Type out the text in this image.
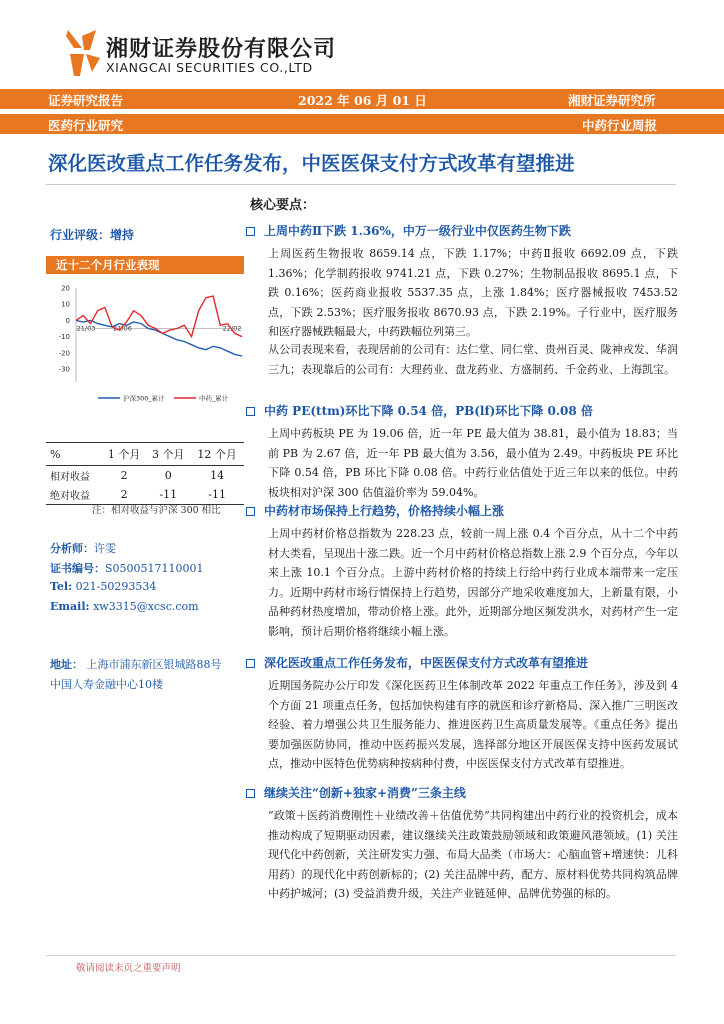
湘财证券股份有限公司
XIANGCAI SECURITIES CO.,LTD
证券研究报告	2022 年 06 月 01 日	湘财证券研究所
医药行业研究	中药行业周报
深化医改重点工作任务发布，中医医保支付方式改革有望推进
行业评级：增持
近十二个月行业表现
20
10
0
-10
-20
-30
21/03	21/06	22/02
沪深300_累计	中药_累计
%	1 个月	3 个月	12 个月
相对收益	2	0	14
绝对收益	2	-11	-11
注：相对收益与沪深 300 相比
分析师：许雯
证书编号：S0500517110001
Tel: 021-50293534
Email: xw3315@xcsc.com
地址： 上海市浦东新区银城路88号
中国人寿金融中心10楼
核心要点：
上周中药Ⅱ下跌 1.36%，中万一级行业中仅医药生物下跌
上周医药生物报收 8659.14 点，下跌 1.17%；中药Ⅱ报收 6692.09 点，下跌 1.36%；化学制药报收 9741.21 点，下跌 0.27%；生物制品报收 8695.1 点，下跌 0.16%；医药商业报收 5537.35 点，上涨 1.84%；医疗器械报收 7453.52 点，下跌 2.53%；医疗服务报收 8670.93 点，下跌 2.19%。子行业中，医疗服务和医疗器械跌幅最大，中药跌幅位列第三。
从公司表现来看，表现居前的公司有：达仁堂、同仁堂、贵州百灵、陇神戎发、华润三九；表现靠后的公司有：大理药业、盘龙药业、方盛制药、千金药业、上海凯宝。
中药 PE(ttm)环比下降 0.54 倍，PB(lf)环比下降 0.08 倍
上周中药板块 PE 为 19.06 倍，近一年 PE 最大值为 38.81，最小值为 18.83；当前 PB 为 2.67 倍，近一年 PB 最大值为 3.56，最小值为 2.49。中药板块 PE 环比下降 0.54 倍，PB 环比下降 0.08 倍。中药行业估值处于近三年以来的低位。中药板块相对沪深 300 估值溢价率为 59.04%。
中药材市场保持上行趋势，价格持续小幅上涨
上周中药材价格总指数为 228.23 点，较前一周上涨 0.4 个百分点，从十二个中药材大类看，呈现出十涨二跌。近一个月中药材价格总指数上涨 2.9 个百分点，今年以来上涨 10.1 个百分点。上游中药材价格的持续上行给中药行业成本端带来一定压力。近期中药材市场行情保持上行趋势，因部分产地采收难度加大，上新量有限，小品种药材热度增加，带动价格上涨。此外，近期部分地区频发洪水，对药材产生一定影响，预计后期价格将继续小幅上涨。
深化医改重点工作任务发布，中医医保支付方式改革有望推进
近期国务院办公厅印发《深化医药卫生体制改革 2022 年重点工作任务》，涉及到 4 个方面 21 项重点任务，包括加快构建有序的就医和诊疗新格局、深入推广三明医改经验、着力增强公共卫生服务能力、推进医药卫生高质量发展等。《重点任务》提出要加强医防协同，推动中医药振兴发展，选择部分地区开展医保支持中医药发展试点，推动中医特色优势病种按病种付费，中医医保支付方式改革有望推进。
继续关注“创新+独家+消费”三条主线
“政策＋医药消费刚性＋业绩改善＋估值优势”共同构建出中药行业的投资机会，成本推动构成了短期驱动因素，建议继续关注政策鼓励领域和政策避风港领域。(1) 关注现代化中药创新，关注研发实力强、布局大品类（市场大：心脑血管+增速快：儿科用药）的现代化中药创新标的；(2) 关注品牌中药，配方、原材料优势共同构筑品牌中药护城河；(3) 受益消费升级，关注产业链延伸、品牌优势强的标的。
敬请阅读末页之重要声明
